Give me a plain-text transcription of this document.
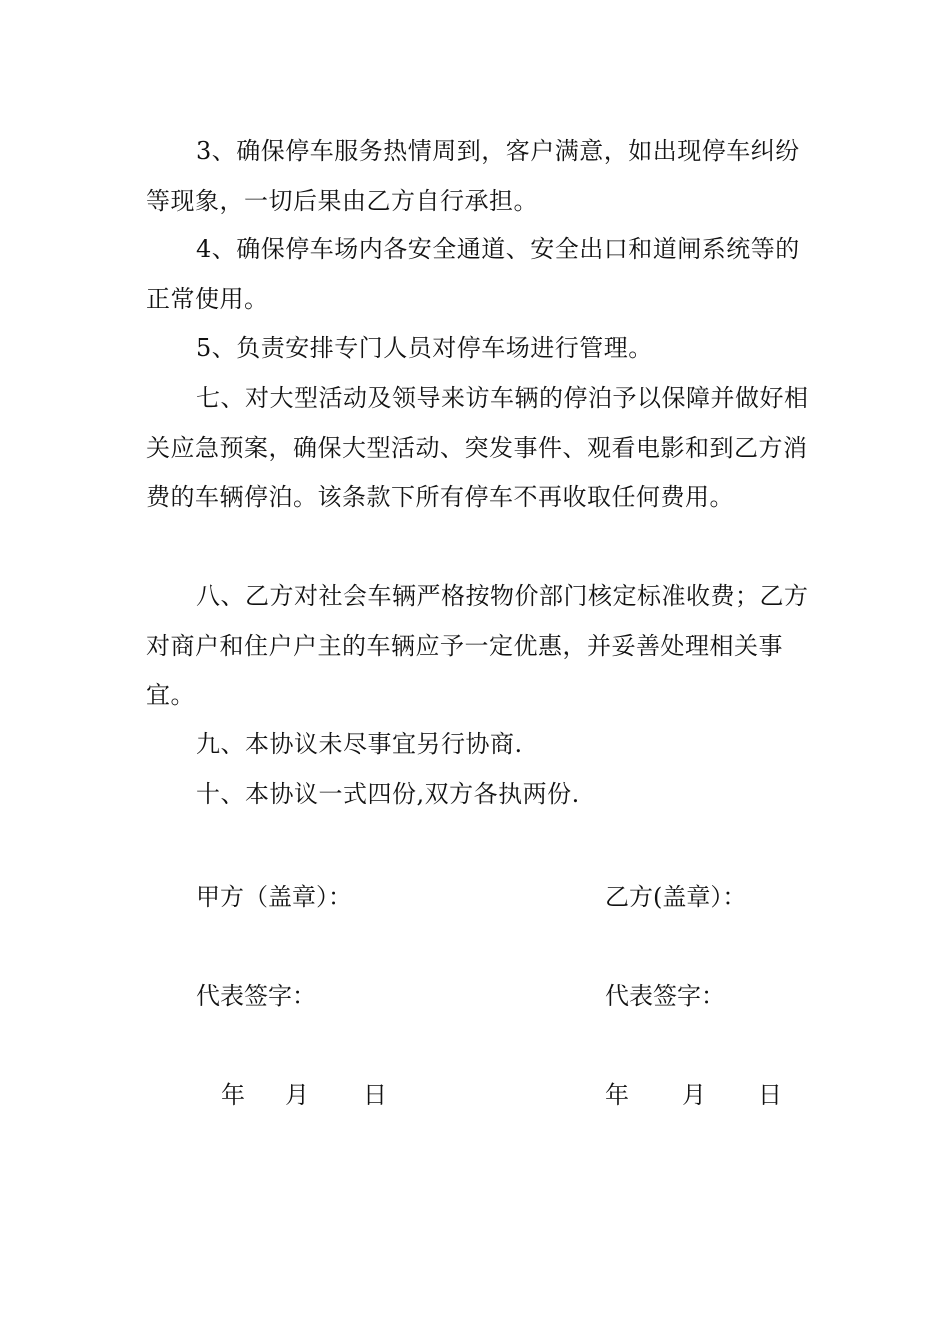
3、确保停车服务热情周到，客户满意，如出现停车纠纷等现象，一切后果由乙方自行承担。

4、确保停车场内各安全通道、安全出口和道闸系统等的正常使用。

5、负责安排专门人员对停车场进行管理。

七、对大型活动及领导来访车辆的停泊予以保障并做好相关应急预案，确保大型活动、突发事件、观看电影和到乙方消费的车辆停泊。该条款下所有停车不再收取任何费用。

八、乙方对社会车辆严格按物价部门核定标准收费；乙方对商户和住户户主的车辆应予一定优惠，并妥善处理相关事宜。

九、本协议未尽事宜另行协商.

十、本协议一式四份,双方各执两份.

甲方（盖章）：
代表签字：
年 月 日
乙方(盖章）：
代表签字：
年 月 日
